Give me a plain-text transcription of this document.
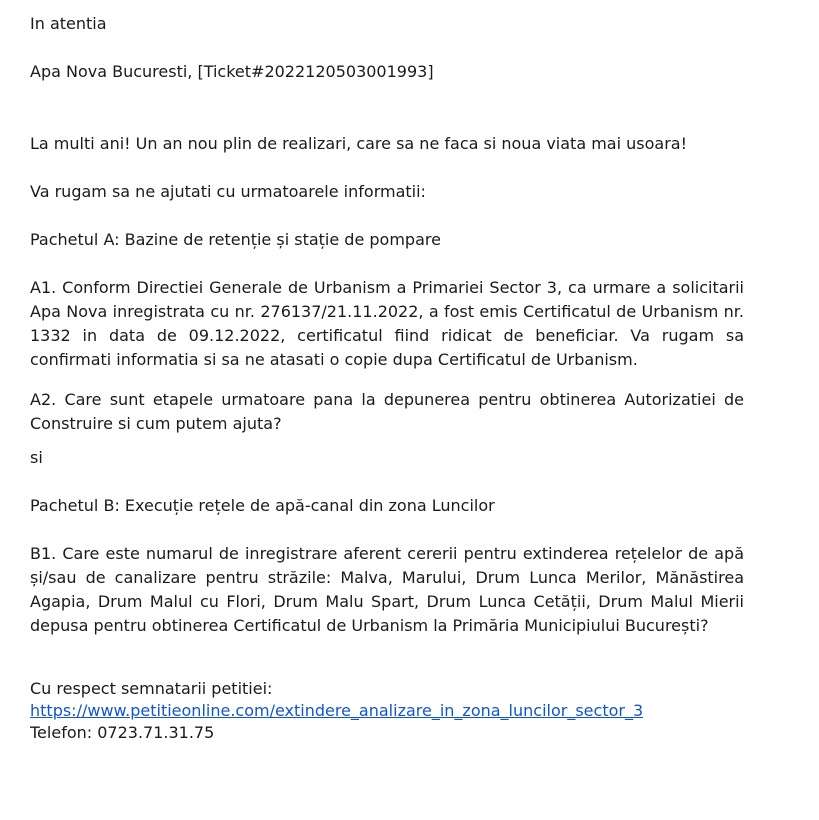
In atentia

Apa Nova Bucuresti, [Ticket#2022120503001993]

La multi ani! Un an nou plin de realizari, care sa ne faca si noua viata mai usoara!

Va rugam sa ne ajutati cu urmatoarele informatii:

Pachetul A: Bazine de retenție și stație de pompare

A1. Conform Directiei Generale de Urbanism a Primariei Sector 3, ca urmare a solicitarii Apa Nova inregistrata cu nr. 276137/21.11.2022, a fost emis Certificatul de Urbanism nr. 1332 in data de 09.12.2022, certificatul fiind ridicat de beneficiar. Va rugam sa confirmati informatia si sa ne atasati o copie dupa Certificatul de Urbanism.

A2. Care sunt etapele urmatoare pana la depunerea pentru obtinerea Autorizatiei de Construire si cum putem ajuta?

si

Pachetul B: Execuție rețele de apă-canal din zona Luncilor

B1. Care este numarul de inregistrare aferent cererii pentru extinderea rețelelor de apă și/sau de canalizare pentru străzile: Malva, Marului, Drum Lunca Merilor, Mănăstirea Agapia, Drum Malul cu Flori, Drum Malu Spart, Drum Lunca Cetății, Drum Malul Mierii depusa pentru obtinerea Certificatul de Urbanism la Primăria Municipiului București?

Cu respect semnatarii petitiei:

https://www.petitieonline.com/extindere_analizare_in_zona_luncilor_sector_3

Telefon: 0723.71.31.75
